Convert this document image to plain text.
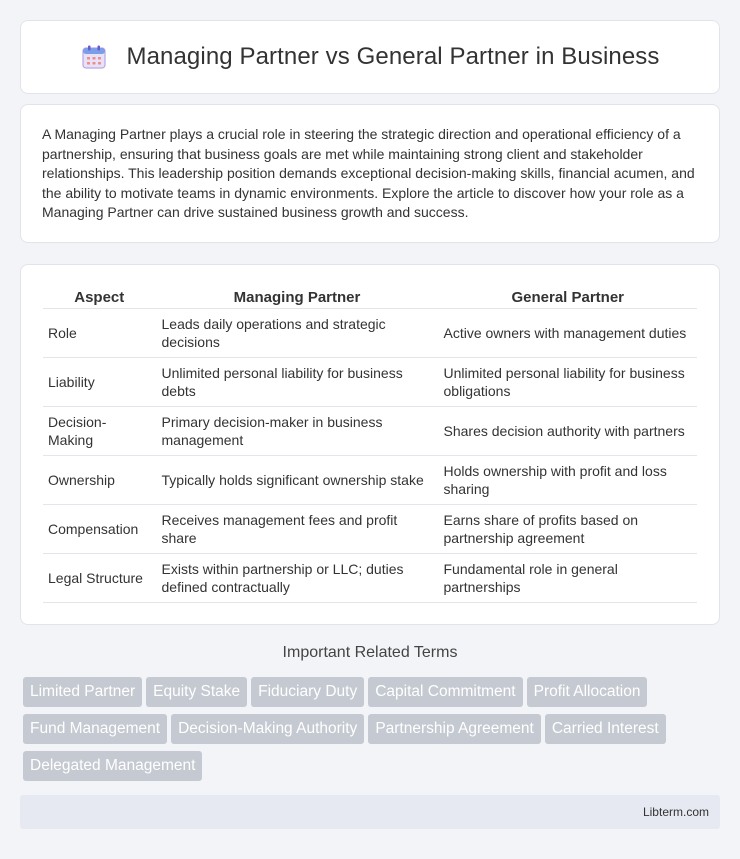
Managing Partner vs General Partner in Business

A Managing Partner plays a crucial role in steering the strategic direction and operational efficiency of a partnership, ensuring that business goals are met while maintaining strong client and stakeholder relationships. This leadership position demands exceptional decision-making skills, financial acumen, and the ability to motivate teams in dynamic environments. Explore the article to discover how your role as a Managing Partner can drive sustained business growth and success.

Aspect	Managing Partner	General Partner
Role	Leads daily operations and strategic decisions	Active owners with management duties
Liability	Unlimited personal liability for business debts	Unlimited personal liability for business obligations
Decision-Making	Primary decision-maker in business management	Shares decision authority with partners
Ownership	Typically holds significant ownership stake	Holds ownership with profit and loss sharing
Compensation	Receives management fees and profit share	Earns share of profits based on partnership agreement
Legal Structure	Exists within partnership or LLC; duties defined contractually	Fundamental role in general partnerships
Important Related Terms
Limited Partner Equity Stake Fiduciary Duty Capital Commitment Profit Allocation
Fund Management Decision-Making Authority Partnership Agreement Carried Interest
Delegated Management
Libterm.com
